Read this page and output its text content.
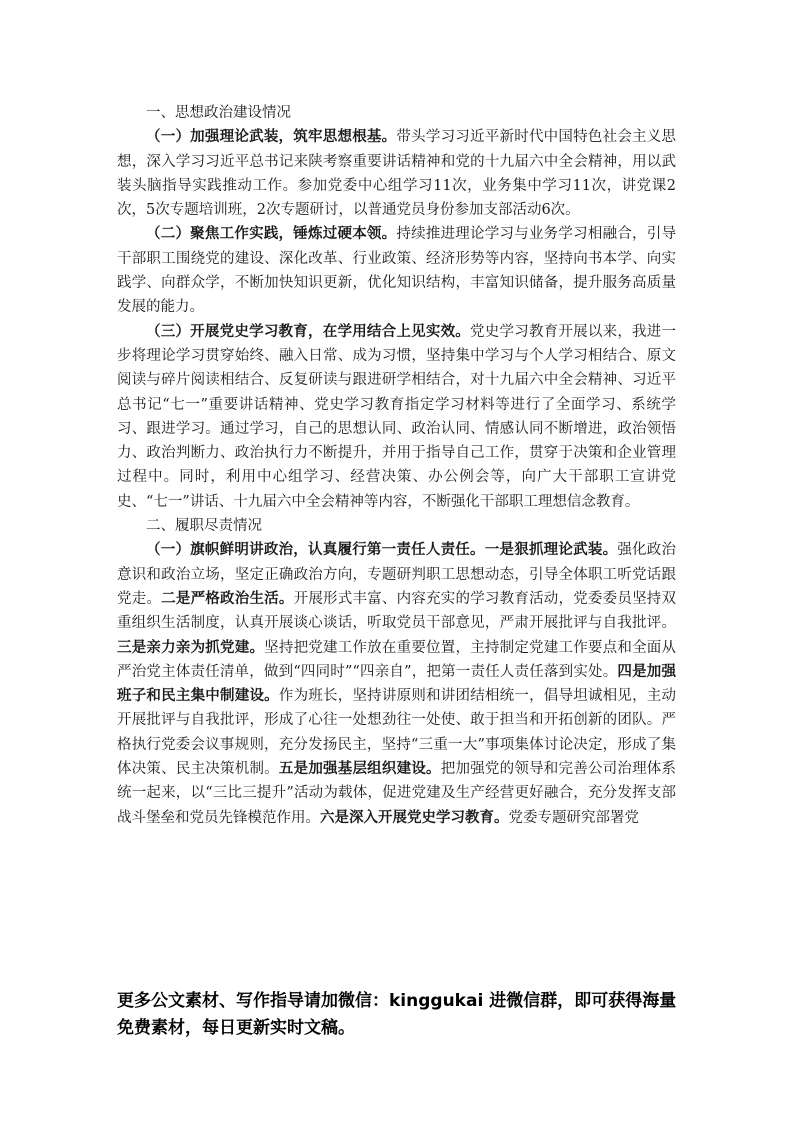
一、思想政治建设情况

（一）加强理论武装，筑牢思想根基。带头学习习近平新时代中国特色社会主义思想，深入学习习近平总书记来陕考察重要讲话精神和党的十九届六中全会精神，用以武装头脑指导实践推动工作。参加党委中心组学习11次，业务集中学习11次，讲党课2次，5次专题培训班，2次专题研讨，以普通党员身份参加支部活动6次。

（二）聚焦工作实践，锤炼过硬本领。持续推进理论学习与业务学习相融合，引导干部职工围绕党的建设、深化改革、行业政策、经济形势等内容，坚持向书本学、向实践学、向群众学，不断加快知识更新，优化知识结构，丰富知识储备，提升服务高质量发展的能力。

（三）开展党史学习教育，在学用结合上见实效。党史学习教育开展以来，我进一步将理论学习贯穿始终、融入日常、成为习惯，坚持集中学习与个人学习相结合、原文阅读与碎片阅读相结合、反复研读与跟进研学相结合，对十九届六中全会精神、习近平总书记“七一”重要讲话精神、党史学习教育指定学习材料等进行了全面学习、系统学习、跟进学习。通过学习，自己的思想认同、政治认同、情感认同不断增进，政治领悟力、政治判断力、政治执行力不断提升，并用于指导自己工作，贯穿于决策和企业管理过程中。同时，利用中心组学习、经营决策、办公例会等，向广大干部职工宣讲党史、“七一”讲话、十九届六中全会精神等内容，不断强化干部职工理想信念教育。

二、履职尽责情况

（一）旗帜鲜明讲政治，认真履行第一责任人责任。一是狠抓理论武装。强化政治意识和政治立场，坚定正确政治方向，专题研判职工思想动态，引导全体职工听党话跟党走。二是严格政治生活。开展形式丰富、内容充实的学习教育活动，党委委员坚持双重组织生活制度，认真开展谈心谈话，听取党员干部意见，严肃开展批评与自我批评。三是亲力亲为抓党建。坚持把党建工作放在重要位置，主持制定党建工作要点和全面从严治党主体责任清单，做到“四同时”“四亲自”，把第一责任人责任落到实处。四是加强班子和民主集中制建设。作为班长，坚持讲原则和讲团结相统一，倡导坦诚相见，主动开展批评与自我批评，形成了心往一处想劲往一处使、敢于担当和开拓创新的团队。严格执行党委会议事规则，充分发扬民主，坚持“三重一大”事项集体讨论决定，形成了集体决策、民主决策机制。五是加强基层组织建设。把加强党的领导和完善公司治理体系统一起来，以“三比三提升”活动为载体，促进党建及生产经营更好融合，充分发挥支部战斗堡垒和党员先锋模范作用。六是深入开展党史学习教育。党委专题研究部署党

更多公文素材、写作指导请加微信：kinggukai 进微信群，即可获得海量免费素材，每日更新实时文稿。
